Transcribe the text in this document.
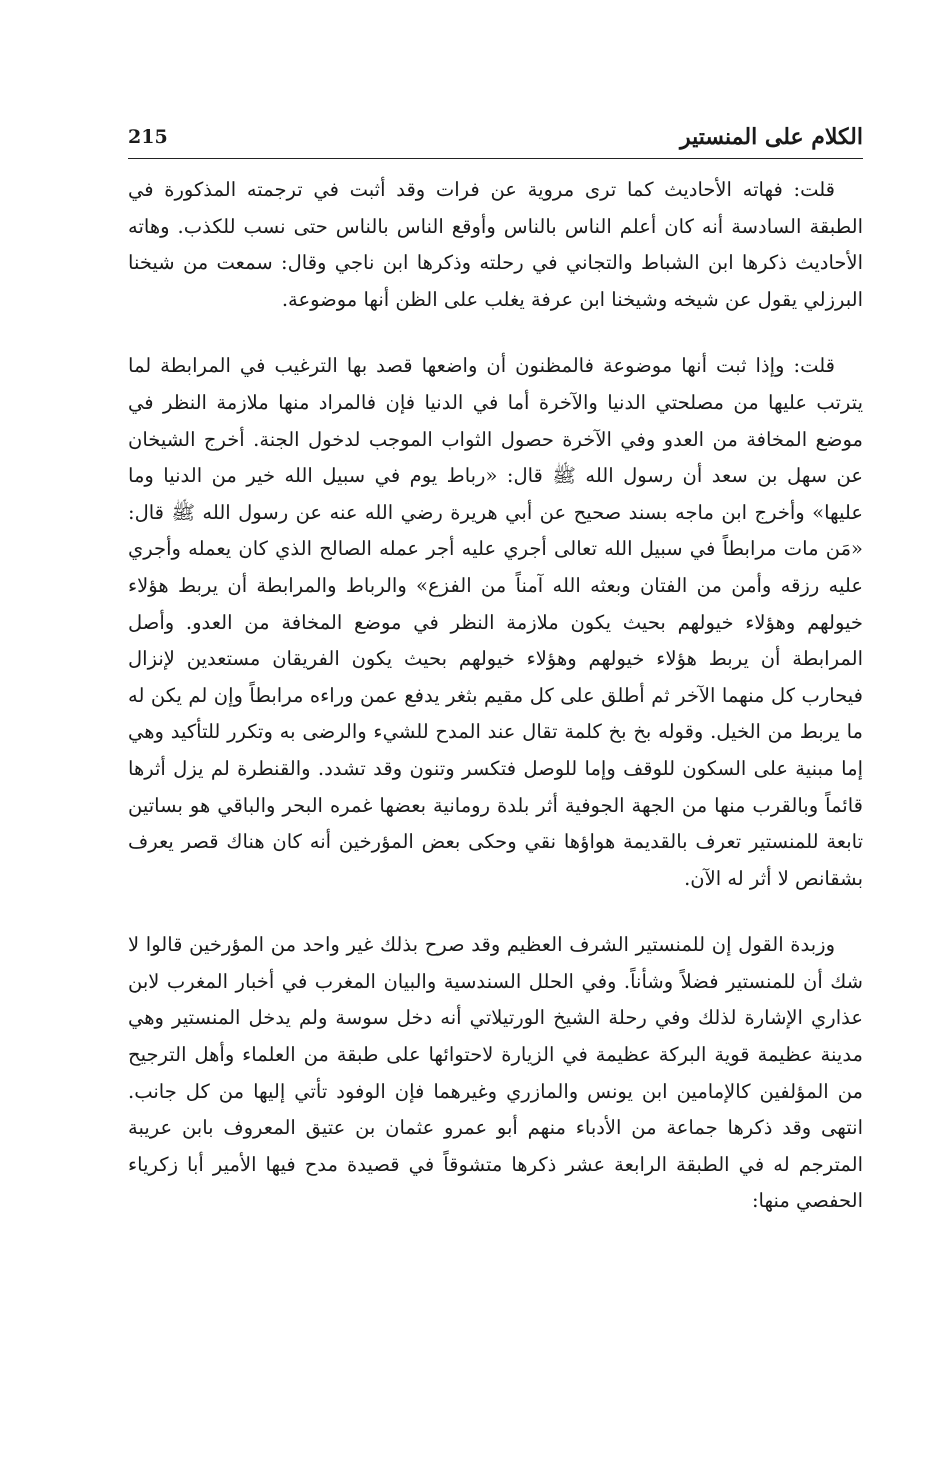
الكلام على المنستير
215

قلت: فهاته الأحاديث كما ترى مروية عن فرات وقد أثبت في ترجمته المذكورة في الطبقة السادسة أنه كان أعلم الناس بالناس وأوقع الناس بالناس حتى نسب للكذب. وهاته الأحاديث ذكرها ابن الشباط والتجاني في رحلته وذكرها ابن ناجي وقال: سمعت من شيخنا البرزلي يقول عن شيخه وشيخنا ابن عرفة يغلب على الظن أنها موضوعة.

قلت: وإذا ثبت أنها موضوعة فالمظنون أن واضعها قصد بها الترغيب في المرابطة لما يترتب عليها من مصلحتي الدنيا والآخرة أما في الدنيا فإن فالمراد منها ملازمة النظر في موضع المخافة من العدو وفي الآخرة حصول الثواب الموجب لدخول الجنة. أخرج الشيخان عن سهل بن سعد أن رسول الله ﷺ قال: «رباط يوم في سبيل الله خير من الدنيا وما عليها» وأخرج ابن ماجه بسند صحيح عن أبي هريرة رضي الله عنه عن رسول الله ﷺ قال: «مَن مات مرابطاً في سبيل الله تعالى أجري عليه أجر عمله الصالح الذي كان يعمله وأجري عليه رزقه وأمن من الفتان وبعثه الله آمناً من الفزع» والرباط والمرابطة أن يربط هؤلاء خيولهم وهؤلاء خيولهم بحيث يكون ملازمة النظر في موضع المخافة من العدو. وأصل المرابطة أن يربط هؤلاء خيولهم وهؤلاء خيولهم بحيث يكون الفريقان مستعدين لإنزال فيحارب كل منهما الآخر ثم أطلق على كل مقيم بثغر يدفع عمن وراءه مرابطاً وإن لم يكن له ما يربط من الخيل. وقوله بخ بخ كلمة تقال عند المدح للشيء والرضى به وتكرر للتأكيد وهي إما مبنية على السكون للوقف وإما للوصل فتكسر وتنون وقد تشدد. والقنطرة لم يزل أثرها قائماً وبالقرب منها من الجهة الجوفية أثر بلدة رومانية بعضها غمره البحر والباقي هو بساتين تابعة للمنستير تعرف بالقديمة هواؤها نقي وحكى بعض المؤرخين أنه كان هناك قصر يعرف بشقانص لا أثر له الآن.

وزبدة القول إن للمنستير الشرف العظيم وقد صرح بذلك غير واحد من المؤرخين قالوا لا شك أن للمنستير فضلاً وشأناً. وفي الحلل السندسية والبيان المغرب في أخبار المغرب لابن عذاري الإشارة لذلك وفي رحلة الشيخ الورتيلاتي أنه دخل سوسة ولم يدخل المنستير وهي مدينة عظيمة قوية البركة عظيمة في الزيارة لاحتوائها على طبقة من العلماء وأهل الترجيح من المؤلفين كالإمامين ابن يونس والمازري وغيرهما فإن الوفود تأتي إليها من كل جانب. انتهى وقد ذكرها جماعة من الأدباء منهم أبو عمرو عثمان بن عتيق المعروف بابن عريبة المترجم له في الطبقة الرابعة عشر ذكرها متشوقاً في قصيدة مدح فيها الأمير أبا زكرياء الحفصي منها:
